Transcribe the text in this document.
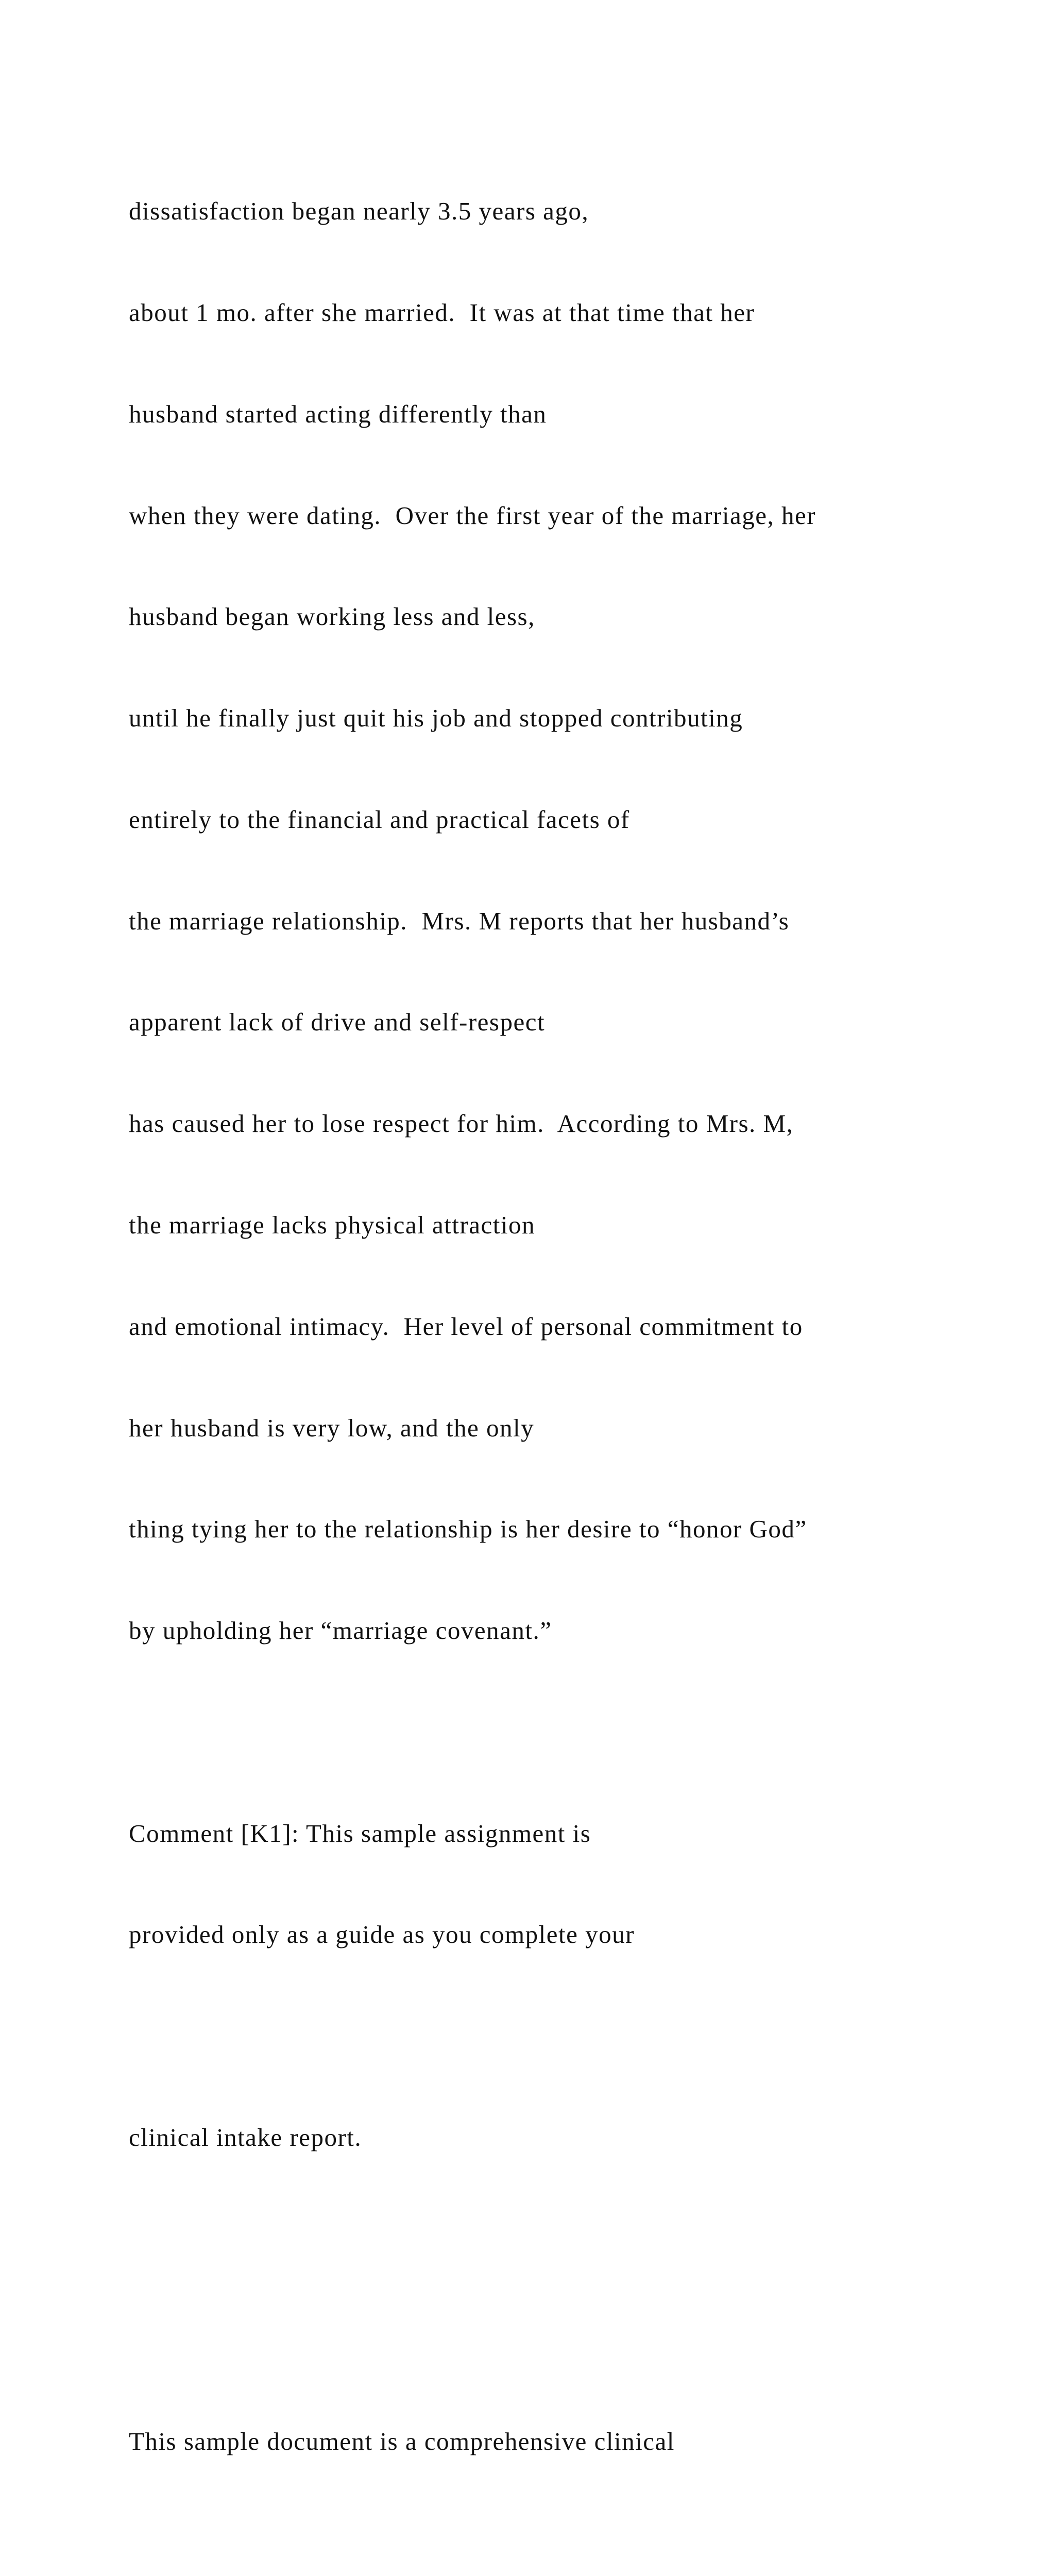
dissatisfaction began nearly 3.5 years ago,

about 1 mo. after she married.  It was at that time that her

husband started acting differently than

when they were dating.  Over the first year of the marriage, her

husband began working less and less,

until he finally just quit his job and stopped contributing

entirely to the financial and practical facets of

the marriage relationship.  Mrs. M reports that her husband’s

apparent lack of drive and self-respect

has caused her to lose respect for him.  According to Mrs. M,

the marriage lacks physical attraction

and emotional intimacy.  Her level of personal commitment to

her husband is very low, and the only

thing tying her to the relationship is her desire to “honor God”

by upholding her “marriage covenant.”

Comment [K1]: This sample assignment is

provided only as a guide as you complete your

clinical intake report.

This sample document is a comprehensive clinical
